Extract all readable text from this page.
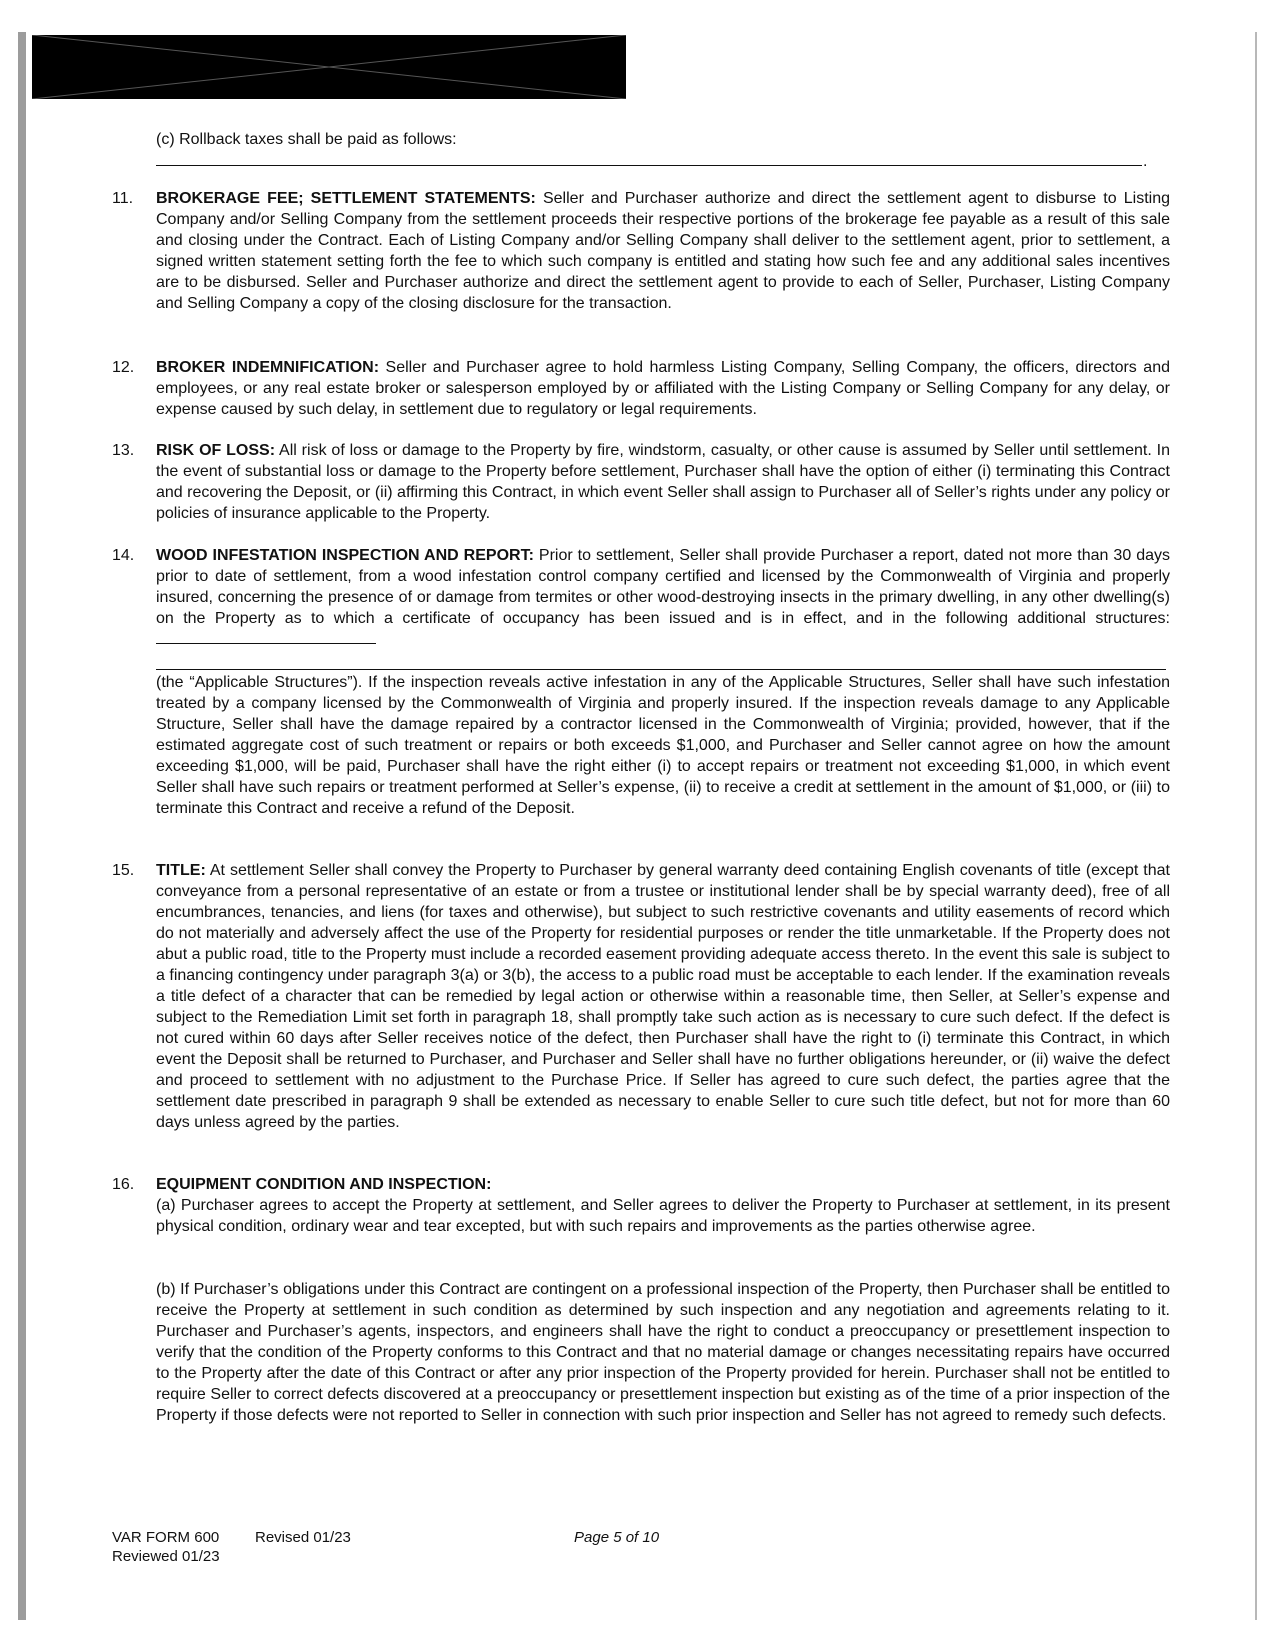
(c) Rollback taxes shall be paid as follows:
.
11.	BROKERAGE FEE; SETTLEMENT STATEMENTS: Seller and Purchaser authorize and direct the settlement agent to disburse to Listing Company and/or Selling Company from the settlement proceeds their respective portions of the brokerage fee payable as a result of this sale and closing under the Contract. Each of Listing Company and/or Selling Company shall deliver to the settlement agent, prior to settlement, a signed written statement setting forth the fee to which such company is entitled and stating how such fee and any additional sales incentives are to be disbursed. Seller and Purchaser authorize and direct the settlement agent to provide to each of Seller, Purchaser, Listing Company and Selling Company a copy of the closing disclosure for the transaction.
12.	BROKER INDEMNIFICATION: Seller and Purchaser agree to hold harmless Listing Company, Selling Company, the officers, directors and employees, or any real estate broker or salesperson employed by or affiliated with the Listing Company or Selling Company for any delay, or expense caused by such delay, in settlement due to regulatory or legal requirements.
13.	RISK OF LOSS: All risk of loss or damage to the Property by fire, windstorm, casualty, or other cause is assumed by Seller until settlement. In the event of substantial loss or damage to the Property before settlement, Purchaser shall have the option of either (i) terminating this Contract and recovering the Deposit, or (ii) affirming this Contract, in which event Seller shall assign to Purchaser all of Seller’s rights under any policy or policies of insurance applicable to the Property.
14.	WOOD INFESTATION INSPECTION AND REPORT: Prior to settlement, Seller shall provide Purchaser a report, dated not more than 30 days prior to date of settlement, from a wood infestation control company certified and licensed by the Commonwealth of Virginia and properly insured, concerning the presence of or damage from termites or other wood-destroying insects in the primary dwelling, in any other dwelling(s) on the Property as to which a certificate of occupancy has been issued and is in effect, and in the following additional structures:
(the “Applicable Structures”). If the inspection reveals active infestation in any of the Applicable Structures, Seller shall have such infestation treated by a company licensed by the Commonwealth of Virginia and properly insured. If the inspection reveals damage to any Applicable Structure, Seller shall have the damage repaired by a contractor licensed in the Commonwealth of Virginia; provided, however, that if the estimated aggregate cost of such treatment or repairs or both exceeds $1,000, and Purchaser and Seller cannot agree on how the amount exceeding $1,000, will be paid, Purchaser shall have the right either (i) to accept repairs or treatment not exceeding $1,000, in which event Seller shall have such repairs or treatment performed at Seller’s expense, (ii) to receive a credit at settlement in the amount of $1,000, or (iii) to terminate this Contract and receive a refund of the Deposit.
15.	TITLE: At settlement Seller shall convey the Property to Purchaser by general warranty deed containing English covenants of title (except that conveyance from a personal representative of an estate or from a trustee or institutional lender shall be by special warranty deed), free of all encumbrances, tenancies, and liens (for taxes and otherwise), but subject to such restrictive covenants and utility easements of record which do not materially and adversely affect the use of the Property for residential purposes or render the title unmarketable. If the Property does not abut a public road, title to the Property must include a recorded easement providing adequate access thereto. In the event this sale is subject to a financing contingency under paragraph 3(a) or 3(b), the access to a public road must be acceptable to each lender. If the examination reveals a title defect of a character that can be remedied by legal action or otherwise within a reasonable time, then Seller, at Seller’s expense and subject to the Remediation Limit set forth in paragraph 18, shall promptly take such action as is necessary to cure such defect. If the defect is not cured within 60 days after Seller receives notice of the defect, then Purchaser shall have the right to (i) terminate this Contract, in which event the Deposit shall be returned to Purchaser, and Purchaser and Seller shall have no further obligations hereunder, or (ii) waive the defect and proceed to settlement with no adjustment to the Purchase Price. If Seller has agreed to cure such defect, the parties agree that the settlement date prescribed in paragraph 9 shall be extended as necessary to enable Seller to cure such title defect, but not for more than 60 days unless agreed by the parties.
16.	EQUIPMENT CONDITION AND INSPECTION:
(a) Purchaser agrees to accept the Property at settlement, and Seller agrees to deliver the Property to Purchaser at settlement, in its present physical condition, ordinary wear and tear excepted, but with such repairs and improvements as the parties otherwise agree.
(b) If Purchaser’s obligations under this Contract are contingent on a professional inspection of the Property, then Purchaser shall be entitled to receive the Property at settlement in such condition as determined by such inspection and any negotiation and agreements relating to it. Purchaser and Purchaser’s agents, inspectors, and engineers shall have the right to conduct a preoccupancy or presettlement inspection to verify that the condition of the Property conforms to this Contract and that no material damage or changes necessitating repairs have occurred to the Property after the date of this Contract or after any prior inspection of the Property provided for herein. Purchaser shall not be entitled to require Seller to correct defects discovered at a preoccupancy or presettlement inspection but existing as of the time of a prior inspection of the Property if those defects were not reported to Seller in connection with such prior inspection and Seller has not agreed to remedy such defects.
VAR FORM 600 Revised 01/23
Reviewed 01/23
Page 5 of 10
